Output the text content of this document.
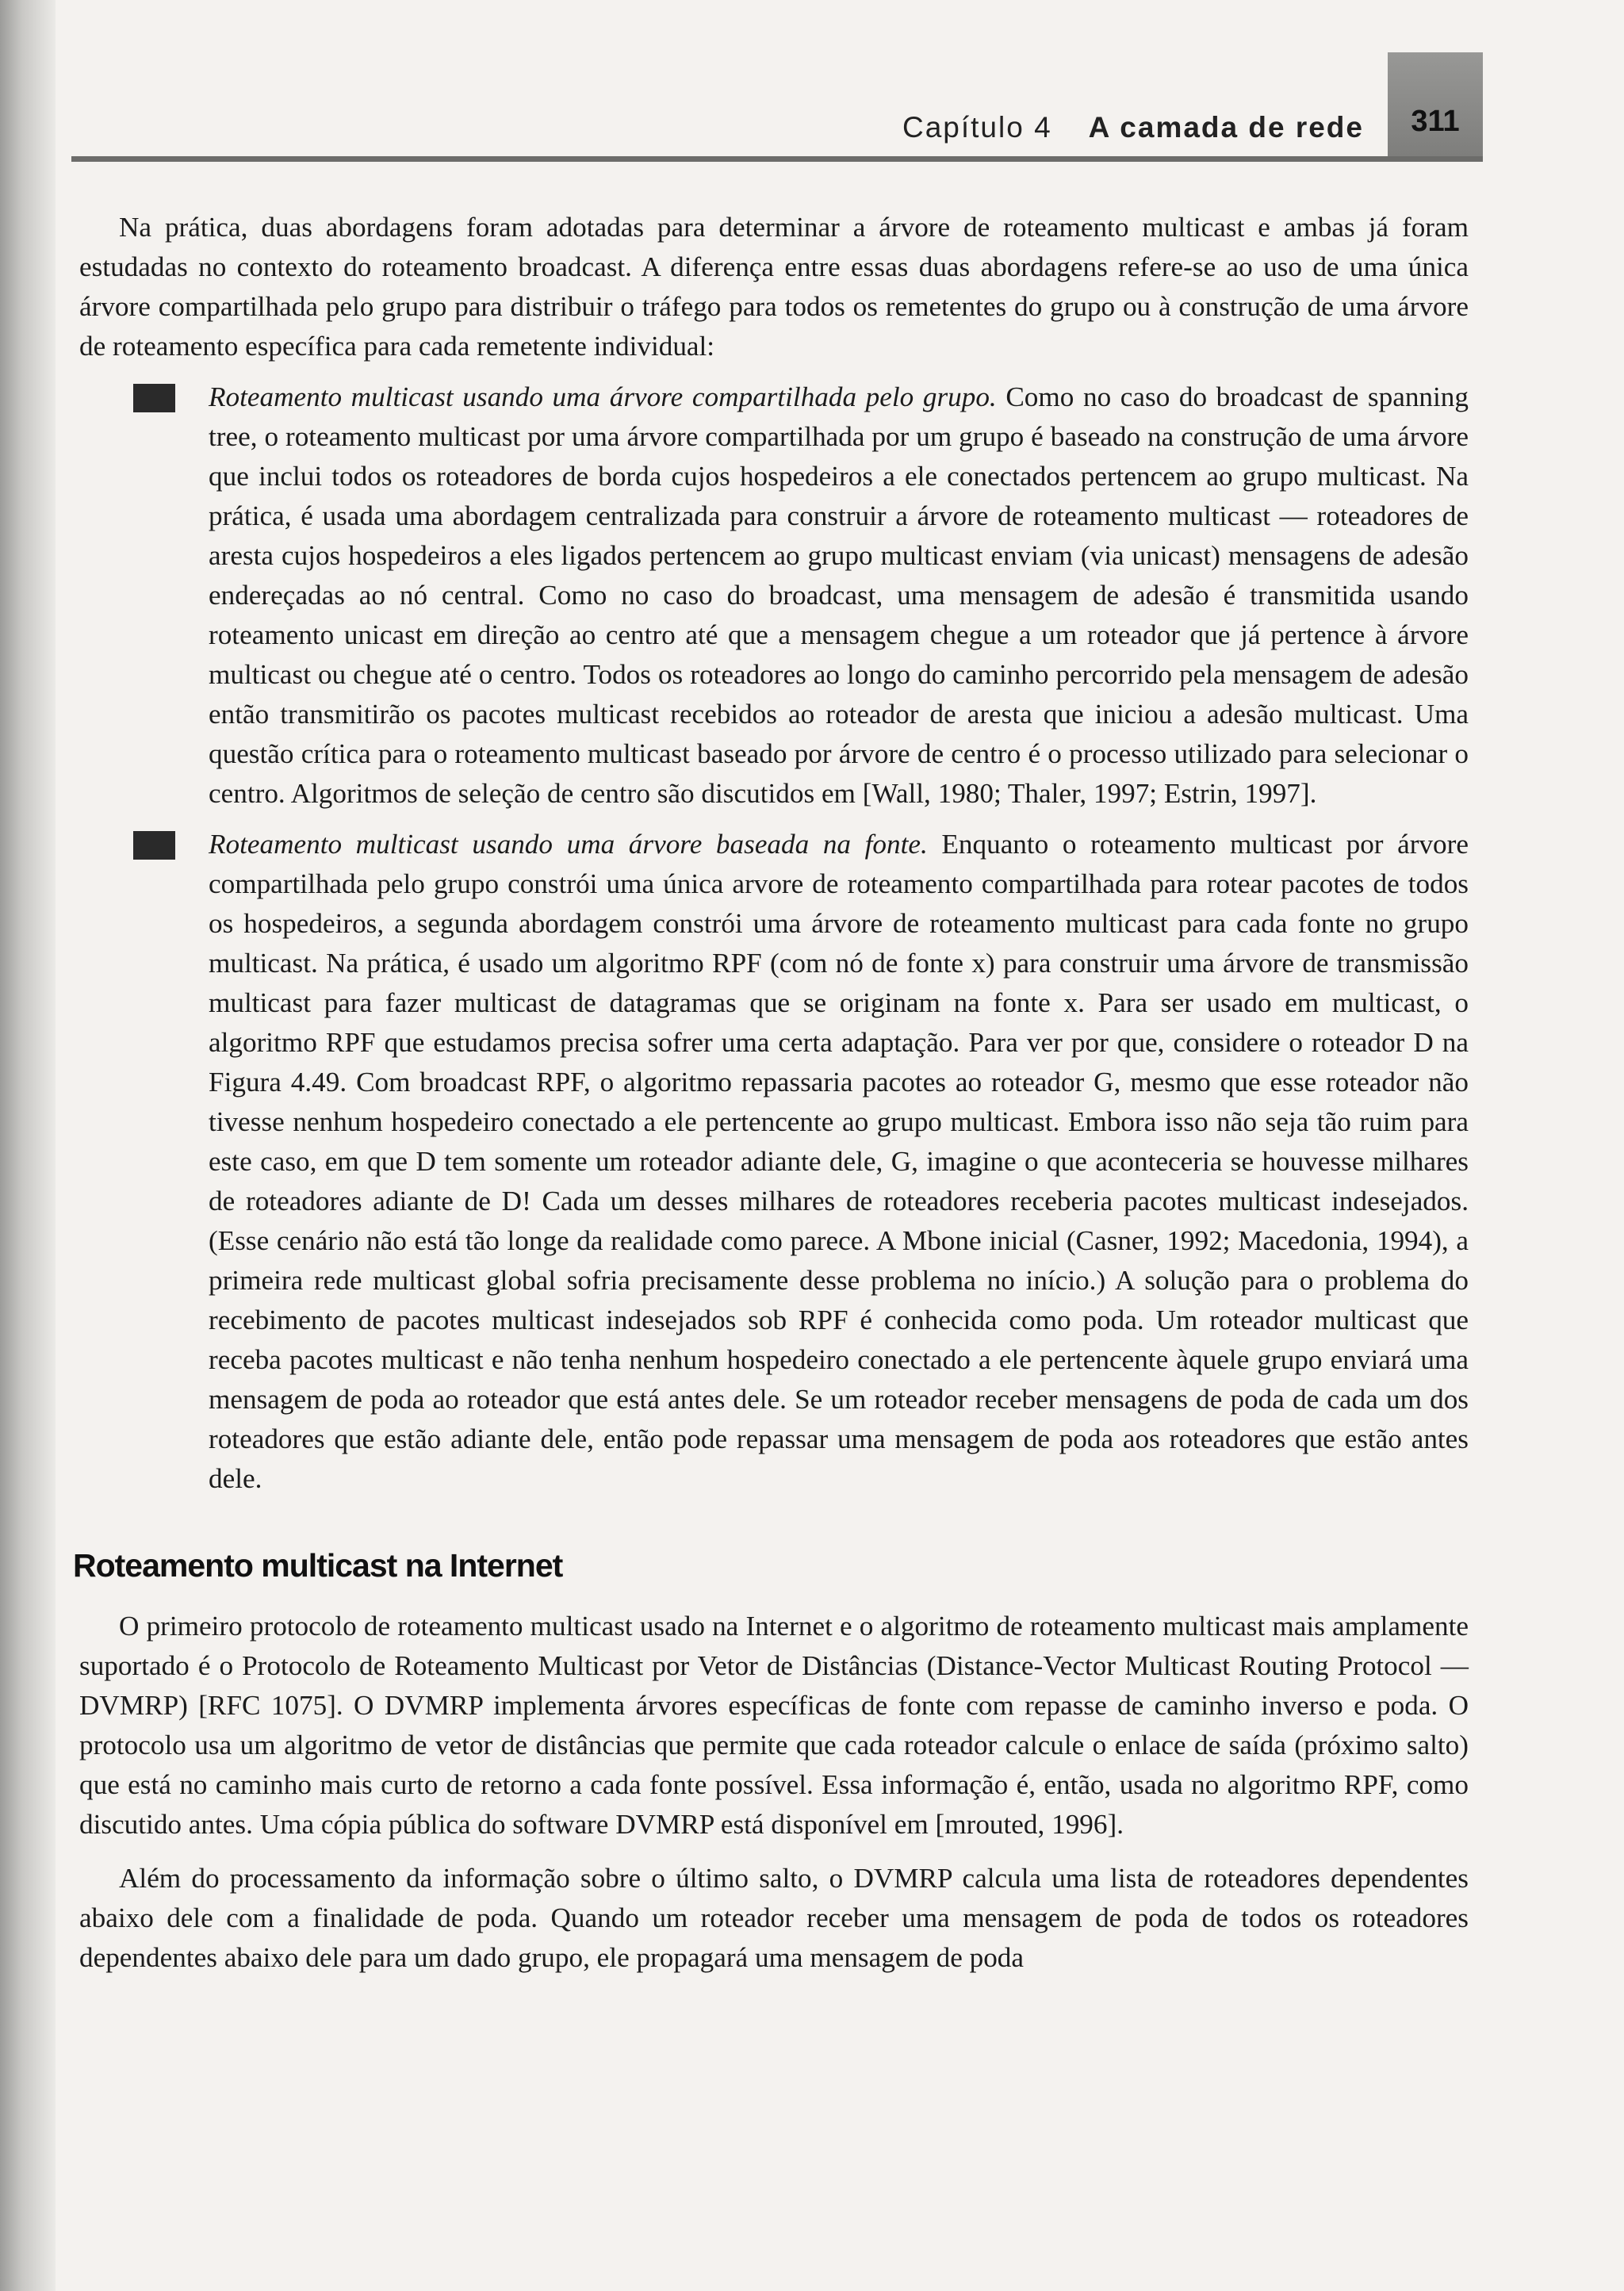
Capítulo 4 A camada de rede	311

Na prática, duas abordagens foram adotadas para determinar a árvore de roteamento multicast e ambas já foram estudadas no contexto do roteamento broadcast. A diferença entre essas duas abordagens refere-se ao uso de uma única árvore compartilhada pelo grupo para distribuir o tráfego para todos os remetentes do grupo ou à construção de uma árvore de roteamento específica para cada remetente individual:

Roteamento multicast usando uma árvore compartilhada pelo grupo. Como no caso do broadcast de spanning tree, o roteamento multicast por uma árvore compartilhada por um grupo é baseado na construção de uma árvore que inclui todos os roteadores de borda cujos hospedeiros a ele conectados pertencem ao grupo multicast. Na prática, é usada uma abordagem centralizada para construir a árvore de roteamento multicast — roteadores de aresta cujos hospedeiros a eles ligados pertencem ao grupo multicast enviam (via unicast) mensagens de adesão endereçadas ao nó central. Como no caso do broadcast, uma mensagem de adesão é transmitida usando roteamento unicast em direção ao centro até que a mensagem chegue a um roteador que já pertence à árvore multicast ou chegue até o centro. Todos os roteadores ao longo do caminho percorrido pela mensagem de adesão então transmitirão os pacotes multicast recebidos ao roteador de aresta que iniciou a adesão multicast. Uma questão crítica para o roteamento multicast baseado por árvore de centro é o processo utilizado para selecionar o centro. Algoritmos de seleção de centro são discutidos em [Wall, 1980; Thaler, 1997; Estrin, 1997].

Roteamento multicast usando uma árvore baseada na fonte. Enquanto o roteamento multicast por árvore compartilhada pelo grupo constrói uma única arvore de roteamento compartilhada para rotear pacotes de todos os hospedeiros, a segunda abordagem constrói uma árvore de roteamento multicast para cada fonte no grupo multicast. Na prática, é usado um algoritmo RPF (com nó de fonte x) para construir uma árvore de transmissão multicast para fazer multicast de datagramas que se originam na fonte x. Para ser usado em multicast, o algoritmo RPF que estudamos precisa sofrer uma certa adaptação. Para ver por que, considere o roteador D na Figura 4.49. Com broadcast RPF, o algoritmo repassaria pacotes ao roteador G, mesmo que esse roteador não tivesse nenhum hospedeiro conectado a ele pertencente ao grupo multicast. Embora isso não seja tão ruim para este caso, em que D tem somente um roteador adiante dele, G, imagine o que aconteceria se houvesse milhares de roteadores adiante de D! Cada um desses milhares de roteadores receberia pacotes multicast indesejados. (Esse cenário não está tão longe da realidade como parece. A Mbone inicial (Casner, 1992; Macedonia, 1994), a primeira rede multicast global sofria precisamente desse problema no início.) A solução para o problema do recebimento de pacotes multicast indesejados sob RPF é conhecida como poda. Um roteador multicast que receba pacotes multicast e não tenha nenhum hospedeiro conectado a ele pertencente àquele grupo enviará uma mensagem de poda ao roteador que está antes dele. Se um roteador receber mensagens de poda de cada um dos roteadores que estão adiante dele, então pode repassar uma mensagem de poda aos roteadores que estão antes dele.

Roteamento multicast na Internet

O primeiro protocolo de roteamento multicast usado na Internet e o algoritmo de roteamento multicast mais amplamente suportado é o Protocolo de Roteamento Multicast por Vetor de Distâncias (Distance-Vector Multicast Routing Protocol — DVMRP) [RFC 1075]. O DVMRP implementa árvores específicas de fonte com repasse de caminho inverso e poda. O protocolo usa um algoritmo de vetor de distâncias que permite que cada roteador calcule o enlace de saída (próximo salto) que está no caminho mais curto de retorno a cada fonte possível. Essa informação é, então, usada no algoritmo RPF, como discutido antes. Uma cópia pública do software DVMRP está disponível em [mrouted, 1996].

Além do processamento da informação sobre o último salto, o DVMRP calcula uma lista de roteadores dependentes abaixo dele com a finalidade de poda. Quando um roteador receber uma mensagem de poda de todos os roteadores dependentes abaixo dele para um dado grupo, ele propagará uma mensagem de poda
